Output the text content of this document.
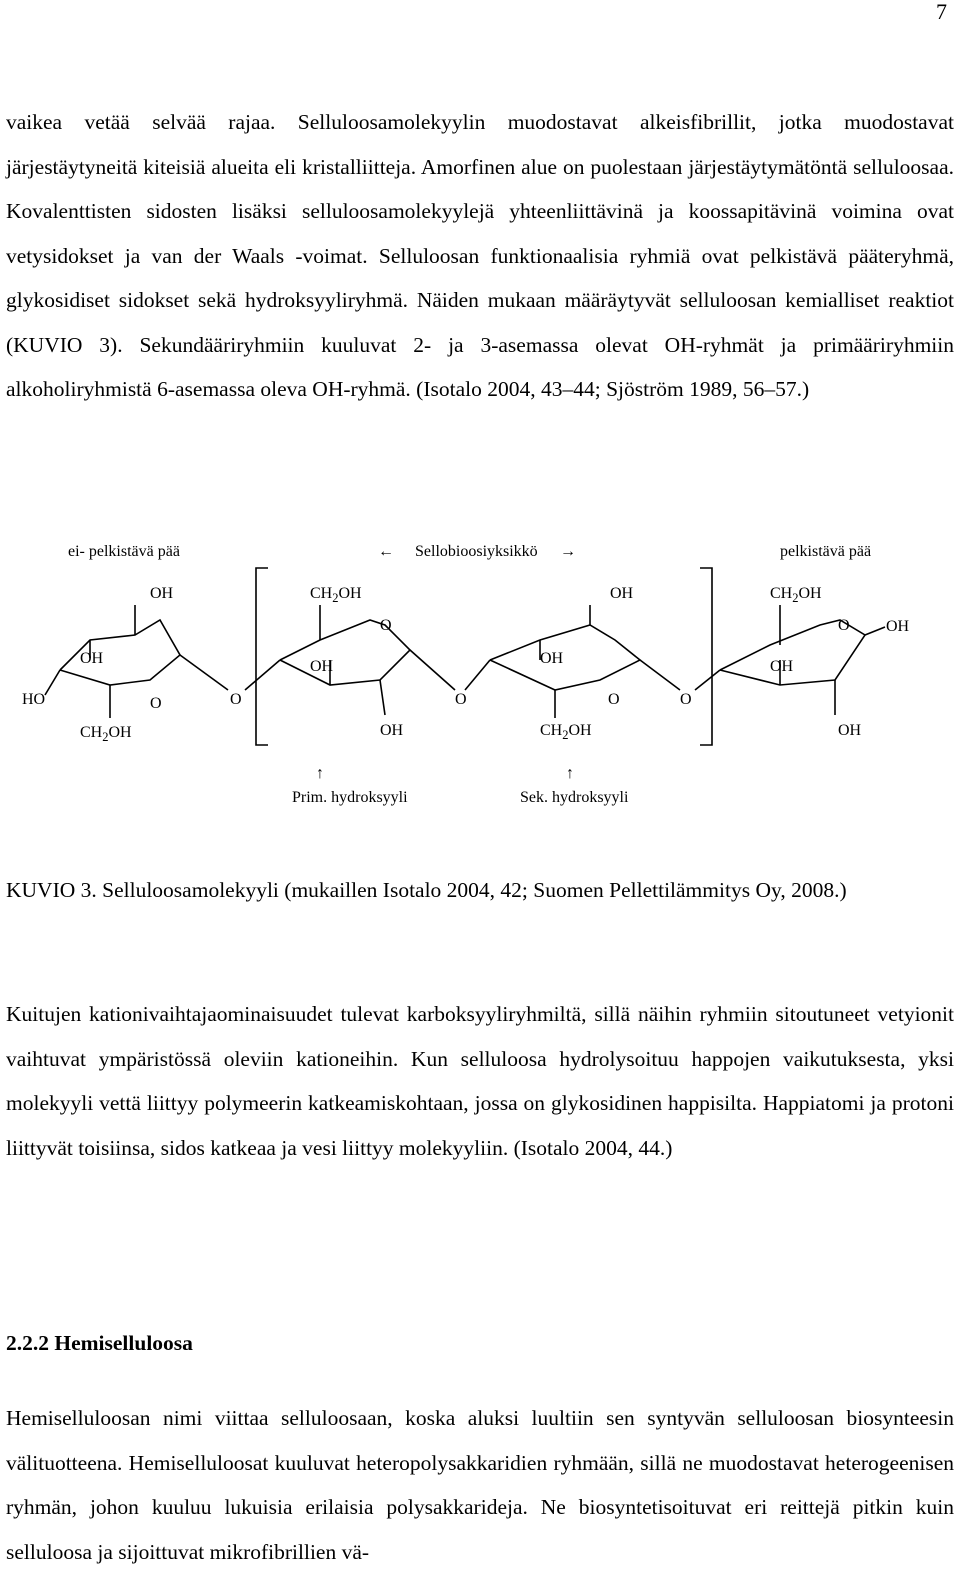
7

vaikea vetää selvää rajaa. Selluloosamolekyylin muodostavat alkeisfibrillit, jotka muodostavat järjestäytyneitä kiteisiä alueita eli kristalliitteja. Amorfinen alue on puolestaan järjestäytymätöntä selluloosaa. Kovalenttisten sidosten lisäksi selluloosamolekyylejä yhteenliittävinä ja koossapitävinä voimina ovat vetysidokset ja van der Waals -voimat. Selluloosan funktionaalisia ryhmiä ovat pelkistävä pääteryhmä, glykosidiset sidokset sekä hydroksyyliryhmä. Näiden mukaan määräytyvät selluloosan kemialliset reaktiot (KUVIO 3). Sekundääriryhmiin kuuluvat 2- ja 3-asemassa olevat OH-ryhmät ja primääriryhmiin alkoholiryhmistä 6-asemassa oleva OH-ryhmä. (Isotalo 2004, 43‒44; Sjöström 1989, 56‒57.)

ei- pelkistävä pää	← Sellobioosiyksikkö →	pelkistävä pää
OH
OH
HO	O	O
$CH_2OH$
$CH_2OH$
O
OH
OH
O
OH
OH
O
$CH_2OH$
O
$CH_2OH$
O OH
OH
OH
↑
Prim. hydroksyyli
↑
Sek. hydroksyyli

KUVIO 3. Selluloosamolekyyli (mukaillen Isotalo 2004, 42; Suomen Pellettilämmitys Oy, 2008.)

Kuitujen kationivaihtajaominaisuudet tulevat karboksyyliryhmiltä, sillä näihin ryhmiin sitoutuneet vetyionit vaihtuvat ympäristössä oleviin kationeihin. Kun selluloosa hydrolysoituu happojen vaikutuksesta, yksi molekyyli vettä liittyy polymeerin katkeamiskohtaan, jossa on glykosidinen happisilta. Happiatomi ja protoni liittyvät toisiinsa, sidos katkeaa ja vesi liittyy molekyyliin. (Isotalo 2004, 44.)

2.2.2 Hemiselluloosa

Hemiselluloosan nimi viittaa selluloosaan, koska aluksi luultiin sen syntyvän selluloosan biosynteesin välituotteena. Hemiselluloosat kuuluvat heteropolysakkaridien ryhmään, sillä ne muodostavat heterogeenisen ryhmän, johon kuuluu lukuisia erilaisia polysakkarideja. Ne biosyntetisoituvat eri reittejä pitkin kuin selluloosa ja sijoittuvat mikrofibrillien vä-
